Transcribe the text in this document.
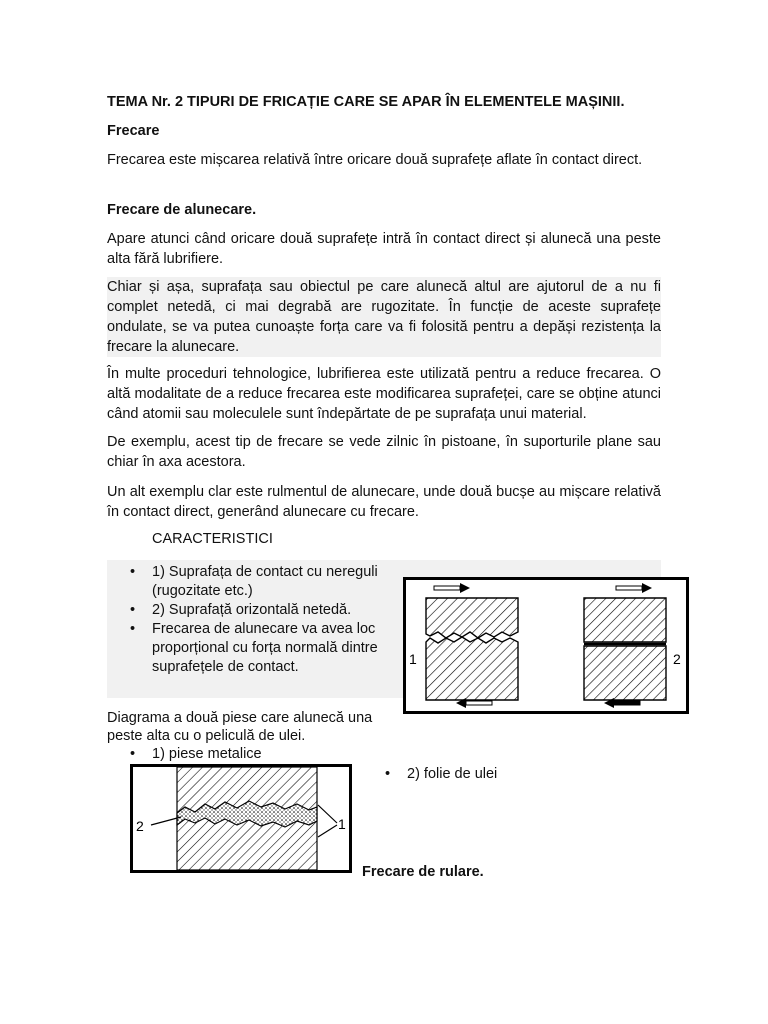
TEMA Nr. 2 TIPURI DE FRICAȚIE CARE SE APAR ÎN ELEMENTELE MAȘINII.

Frecare

Frecarea este mișcarea relativă între oricare două suprafețe aflate în contact direct.

Frecare de alunecare.

Apare atunci când oricare două suprafețe intră în contact direct și alunecă una peste alta fără lubrifiere.

Chiar și așa, suprafața sau obiectul pe care alunecă altul are ajutorul de a nu fi complet netedă, ci mai degrabă are rugozitate. În funcție de aceste suprafețe ondulate, se va putea cunoaște forța care va fi folosită pentru a depăși rezistența la frecare la alunecare.

În multe proceduri tehnologice, lubrifierea este utilizată pentru a reduce frecarea. O altă modalitate de a reduce frecarea este modificarea suprafeței, care se obține atunci când atomii sau moleculele sunt îndepărtate de pe suprafața unui material.

De exemplu, acest tip de frecare se vede zilnic în pistoane, în suporturile plane sau chiar în axa acestora.

Un alt exemplu clar este rulmentul de alunecare, unde două bucșe au mișcare relativă în contact direct, generând alunecare cu frecare.

CARACTERISTICI
• 1) Suprafața de contact cu nereguli (rugozitate etc.)
• 2) Suprafață orizontală netedă.
• Frecarea de alunecare va avea loc proporțional cu forța normală dintre suprafețele de contact.	1	2
Diagrama a două piese care alunecă una peste alta cu o peliculă de ulei.
• 1) piese metalice
• 2) folie de ulei
2	1
Frecare de rulare.
